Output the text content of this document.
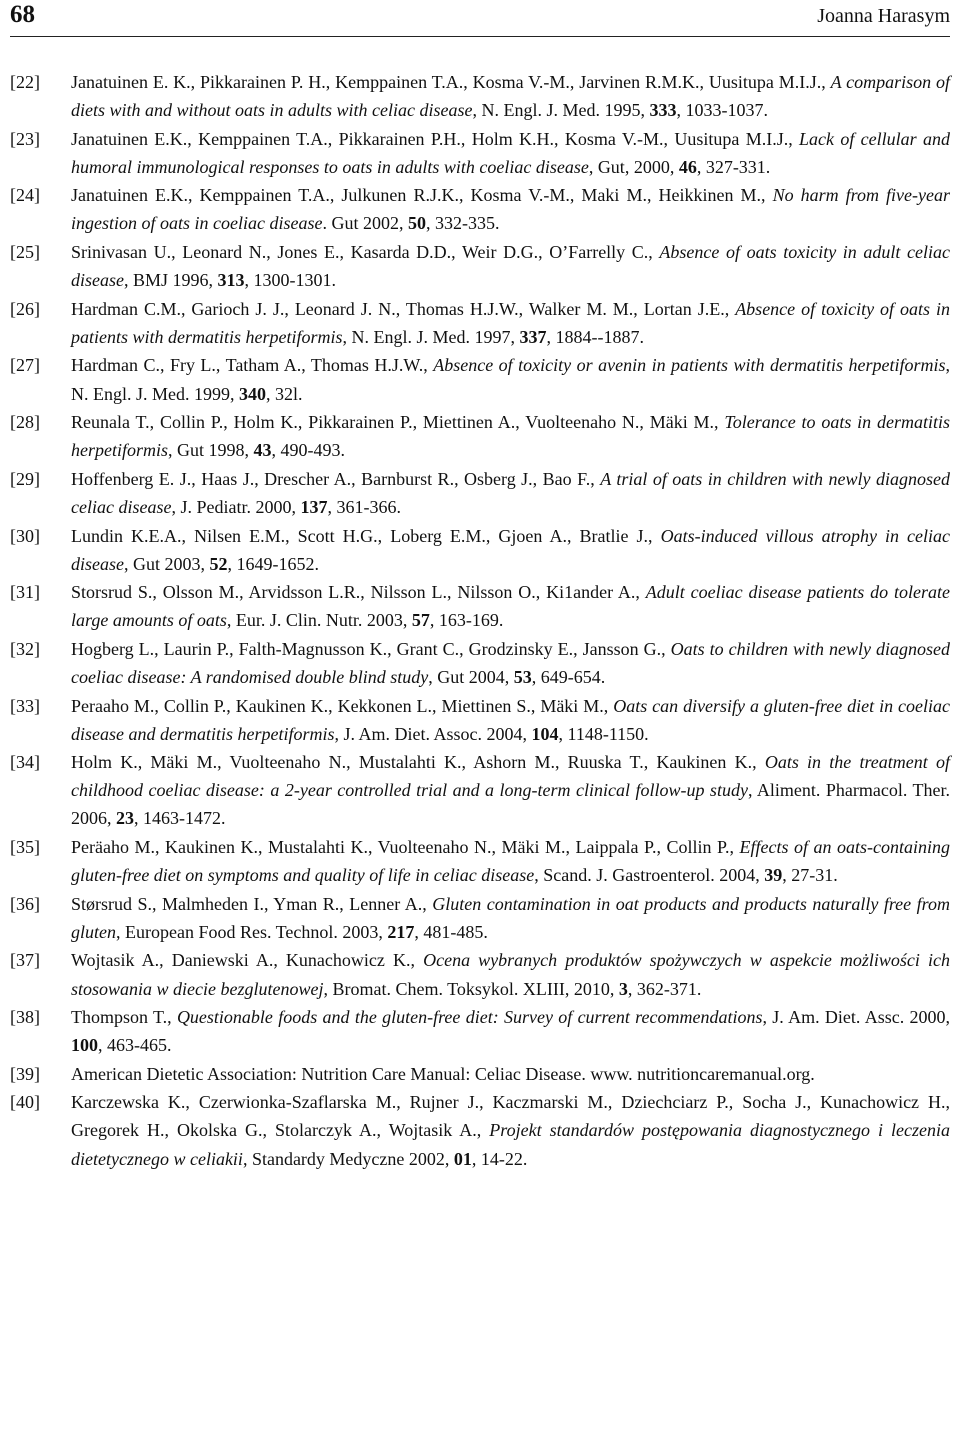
68	Joanna Harasym
[22] Janatuinen E. K., Pikkarainen P. H., Kemppainen T.A., Kosma V.-M., Jarvinen R.M.K., Uusitupa M.I.J., A comparison of diets with and without oats in adults with celiac disease, N. Engl. J. Med. 1995, 333, 1033-1037.
[23] Janatuinen E.K., Kemppainen T.A., Pikkarainen P.H., Holm K.H., Kosma V.-M., Uusitupa M.I.J., Lack of cellular and humoral immunological responses to oats in adults with coeliac disease, Gut, 2000, 46, 327-331.
[24] Janatuinen E.K., Kemppainen T.A., Julkunen R.J.K., Kosma V.-M., Maki M., Heikkinen M., No harm from five-year ingestion of oats in coeliac disease. Gut 2002, 50, 332-335.
[25] Srinivasan U., Leonard N., Jones E., Kasarda D.D., Weir D.G., O’Farrelly C., Absence of oats toxicity in adult celiac disease, BMJ 1996, 313, 1300-1301.
[26] Hardman C.M., Garioch J. J., Leonard J. N., Thomas H.J.W., Walker M. M., Lortan J.E., Absence of toxicity of oats in patients with dermatitis herpetiformis, N. Engl. J. Med. 1997, 337, 1884--1887.
[27] Hardman C., Fry L., Tatham A., Thomas H.J.W., Absence of toxicity or avenin in patients with dermatitis herpetiformis, N. Engl. J. Med. 1999, 340, 32l.
[28] Reunala T., Collin P., Holm K., Pikkarainen P., Miettinen A., Vuolteenaho N., Mäki M., Tolerance to oats in dermatitis herpetiformis, Gut 1998, 43, 490-493.
[29] Hoffenberg E. J., Haas J., Drescher A., Barnburst R., Osberg J., Bao F., A trial of oats in children with newly diagnosed celiac disease, J. Pediatr. 2000, 137, 361-366.
[30] Lundin K.E.A., Nilsen E.M., Scott H.G., Loberg E.M., Gjoen A., Bratlie J., Oats-induced villous atrophy in celiac disease, Gut 2003, 52, 1649-1652.
[31] Storsrud S., Olsson M., Arvidsson L.R., Nilsson L., Nilsson O., Ki1ander A., Adult coeliac disease patients do tolerate large amounts of oats, Eur. J. Clin. Nutr. 2003, 57, 163-169.
[32] Hogberg L., Laurin P., Falth-Magnusson K., Grant C., Grodzinsky E., Jansson G., Oats to children with newly diagnosed coeliac disease: A randomised double blind study, Gut 2004, 53, 649-654.
[33] Peraaho M., Collin P., Kaukinen K., Kekkonen L., Miettinen S., Mäki M., Oats can diversify a gluten-free diet in coeliac disease and dermatitis herpetiformis, J. Am. Diet. Assoc. 2004, 104, 1148-1150.
[34] Holm K., Mäki M., Vuolteenaho N., Mustalahti K., Ashorn M., Ruuska T., Kaukinen K., Oats in the treatment of childhood coeliac disease: a 2-year controlled trial and a long-term clinical follow-up study, Aliment. Pharmacol. Ther. 2006, 23, 1463-1472.
[35] Peräaho M., Kaukinen K., Mustalahti K., Vuolteenaho N., Mäki M., Laippala P., Collin P., Effects of an oats-containing gluten-free diet on symptoms and quality of life in celiac disease, Scand. J. Gastroenterol. 2004, 39, 27-31.
[36] Størsrud S., Malmheden I., Yman R., Lenner A., Gluten contamination in oat products and products naturally free from gluten, European Food Res. Technol. 2003, 217, 481-485.
[37] Wojtasik A., Daniewski A., Kunachowicz K., Ocena wybranych produktów spożywczych w aspekcie możliwości ich stosowania w diecie bezglutenowej, Bromat. Chem. Toksykol. XLIII, 2010, 3, 362-371.
[38] Thompson T., Questionable foods and the gluten-free diet: Survey of current recommendations, J. Am. Diet. Assc. 2000, 100, 463-465.
[39] American Dietetic Association: Nutrition Care Manual: Celiac Disease. www. nutritioncaremanual.org.
[40] Karczewska K., Czerwionka-Szaflarska M., Rujner J., Kaczmarski M., Dziechciarz P., Socha J., Kunachowicz H., Gregorek H., Okolska G., Stolarczyk A., Wojtasik A., Projekt standardów postępowania diagnostycznego i leczenia dietetycznego w celiakii, Standardy Medyczne 2002, 01, 14-22.
